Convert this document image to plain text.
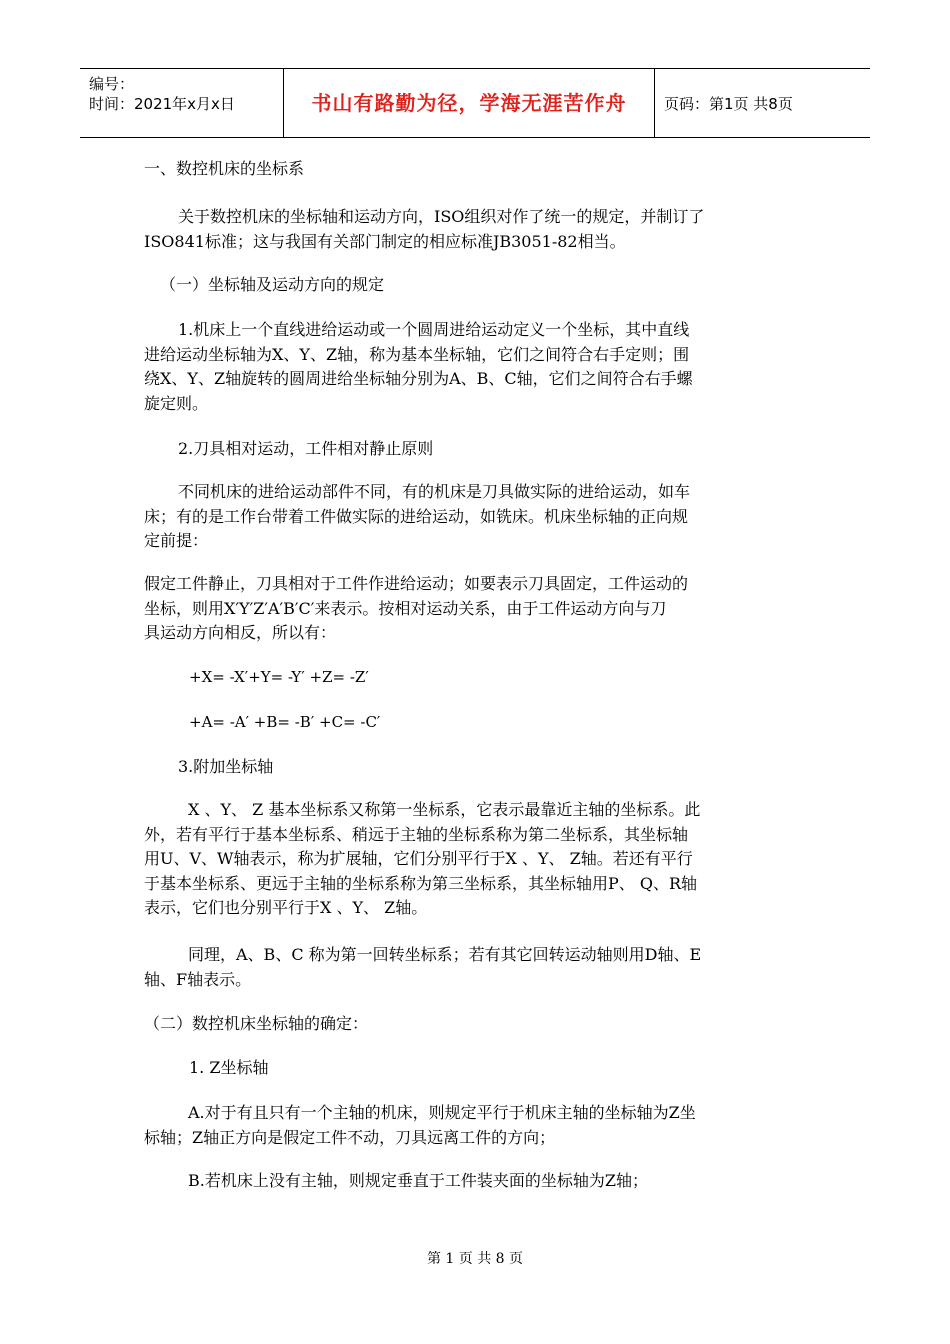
编号：
时间：2021年x月x日	书山有路勤为径，学海无涯苦作舟	页码：第1页 共8页
一、数控机床的坐标系
关于数控机床的坐标轴和运动方向，ISO组织对作了统一的规定，并制订了
ISO841标准；这与我国有关部门制定的相应标准JB3051-82相当。
（一）坐标轴及运动方向的规定
1.机床上一个直线进给运动或一个圆周进给运动定义一个坐标，其中直线
进给运动坐标轴为X、Y、Z轴，称为基本坐标轴，它们之间符合右手定则；围
绕X、Y、Z轴旋转的圆周进给坐标轴分别为A、B、C轴，它们之间符合右手螺
旋定则。
2.刀具相对运动，工件相对静止原则
不同机床的进给运动部件不同，有的机床是刀具做实际的进给运动，如车
床；有的是工作台带着工件做实际的进给运动，如铣床。机床坐标轴的正向规
定前提：
假定工件静止，刀具相对于工件作进给运动；如要表示刀具固定，工件运动的
坐标，则用X′Y′Z′A′B′C′来表示。按相对运动关系，由于工件运动方向与刀
具运动方向相反，所以有：
+X= -X′+Y= -Y′ +Z= -Z′
+A= -A′ +B= -B′ +C= -C′
3.附加坐标轴
X 、Y、 Z 基本坐标系又称第一坐标系，它表示最靠近主轴的坐标系。此
外，若有平行于基本坐标系、稍远于主轴的坐标系称为第二坐标系，其坐标轴
用U、V、W轴表示，称为扩展轴，它们分别平行于X 、Y、 Z轴。若还有平行
于基本坐标系、更远于主轴的坐标系称为第三坐标系，其坐标轴用P、 Q、R轴
表示，它们也分别平行于X 、Y、 Z轴。
同理，A、B、C 称为第一回转坐标系；若有其它回转运动轴则用D轴、E
轴、F轴表示。
（二）数控机床坐标轴的确定：
1. Z坐标轴
A.对于有且只有一个主轴的机床，则规定平行于机床主轴的坐标轴为Z坐
标轴；Z轴正方向是假定工件不动，刀具远离工件的方向；
B.若机床上没有主轴，则规定垂直于工件装夹面的坐标轴为Z轴；
第 1 页 共 8 页
